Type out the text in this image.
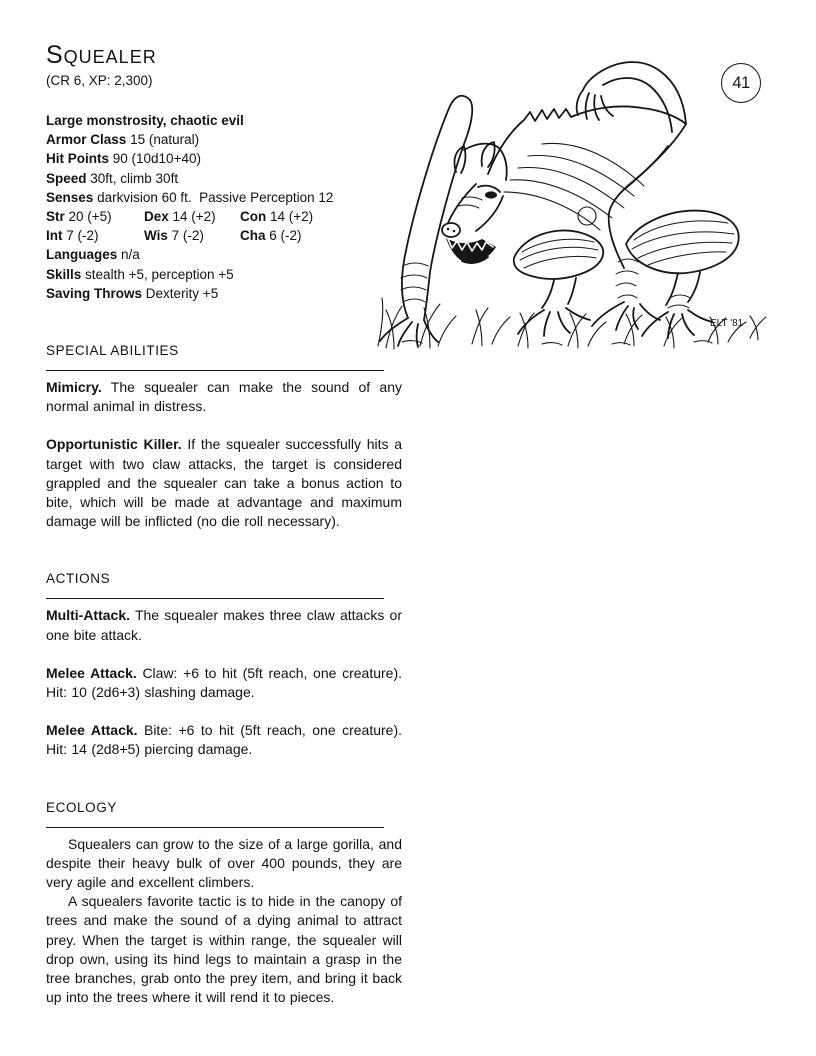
41
ELT '81
Squealer
(CR 6, XP: 2,300)
Large monstrosity, chaotic evil
Armor Class 15 (natural)
Hit Points 90 (10d10+40)
Speed 30ft, climb 30ft
Senses darkvision 60 ft.  Passive Perception 12
Str 20 (+5)	Dex 14 (+2)	Con 14 (+2)
Int 7 (-2)	Wis 7 (-2)	Cha 6 (-2)
Languages n/a
Skills stealth +5, perception +5
Saving Throws Dexterity +5
SPECIAL ABILITIES

Mimicry. The squealer can make the sound of any normal animal in distress.

Opportunistic Killer. If the squealer successfully hits a target with two claw attacks, the target is considered grappled and the squealer can take a bonus action to bite, which will be made at advantage and maximum damage will be inflicted (no die roll necessary).

ACTIONS

Multi-Attack. The squealer makes three claw attacks or one bite attack.

Melee Attack. Claw: +6 to hit (5ft reach, one creature). Hit: 10 (2d6+3) slashing damage.

Melee Attack. Bite: +6 to hit (5ft reach, one creature). Hit: 14 (2d8+5) piercing damage.

ECOLOGY

Squealers can grow to the size of a large gorilla, and despite their heavy bulk of over 400 pounds, they are very agile and excellent climbers.

A squealers favorite tactic is to hide in the canopy of trees and make the sound of a dying animal to attract prey. When the target is within range, the squealer will drop own, using its hind legs to maintain a grasp in the tree branches, grab onto the prey item, and bring it back up into the trees where it will rend it to pieces.
